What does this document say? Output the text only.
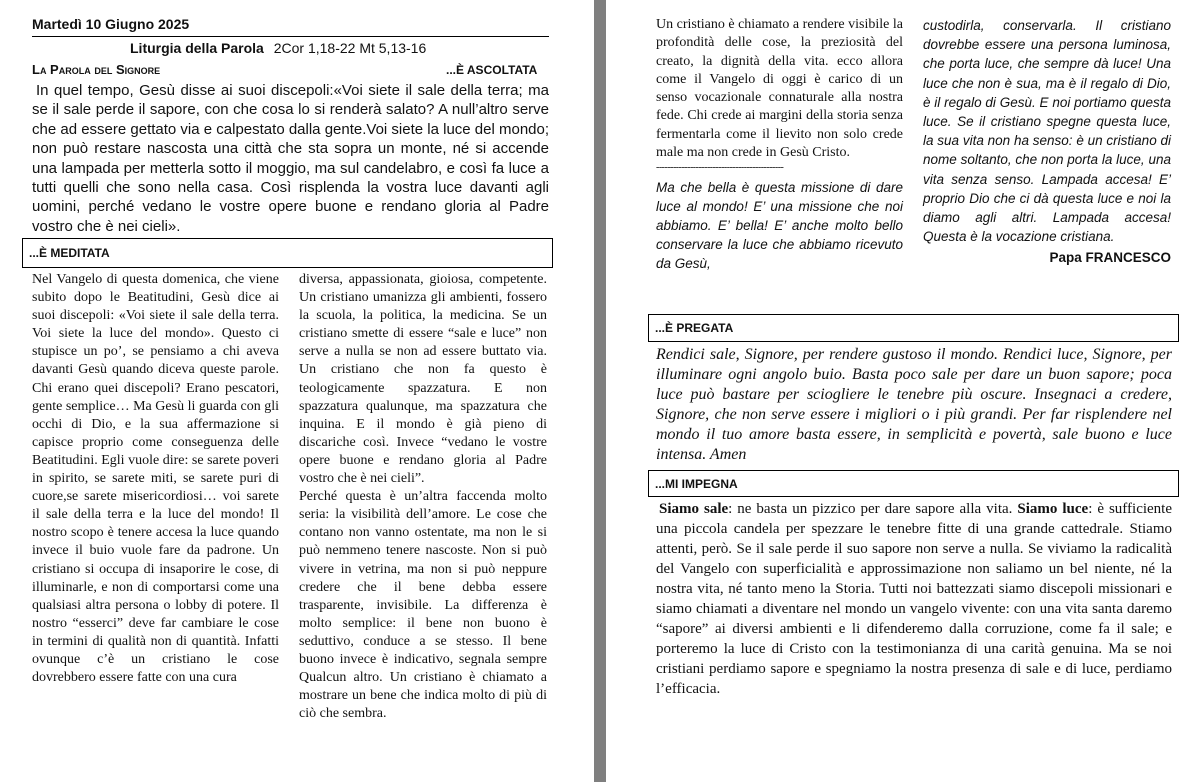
Martedì 10 Giugno 2025
Liturgia della Parola 2Cor 1,18-22 Mt 5,13-16
La Parola del Signore	...È ASCOLTATA
In quel tempo, Gesù disse ai suoi discepoli:«Voi siete il sale della terra; ma se il sale perde il sapore, con che cosa lo si renderà salato? A null’altro serve che ad essere gettato via e calpestato dalla gente.Voi siete la luce del mondo; non può restare nascosta una città che sta sopra un monte, né si accende una lampada per metterla sotto il moggio, ma sul candelabro, e così fa luce a tutti quelli che sono nella casa. Così risplenda la vostra luce davanti agli uomini, perché vedano le vostre opere buone e rendano gloria al Padre vostro che è nei cieli».
...È MEDITATA
Nel Vangelo di questa domenica, che viene subito dopo le Beatitudini, Gesù dice ai suoi discepoli: «Voi siete il sale della terra. Voi siete la luce del mondo». Questo ci stupisce un po’, se pensiamo a chi aveva davanti Gesù quando diceva queste parole. Chi erano quei discepoli? Erano pescatori, gente semplice… Ma Gesù li guarda con gli occhi di Dio, e la sua affermazione si capisce proprio come conseguenza delle Beatitudini. Egli vuole dire: se sarete poveri in spirito, se sarete miti, se sarete puri di cuore,se sarete misericordiosi… voi sarete il sale della terra e la luce del mondo! Il nostro scopo è tenere accesa la luce quando invece il buio vuole fare da padrone. Un cristiano si occupa di insaporire le cose, di illuminarle, e non di comportarsi come una qualsiasi altra persona o lobby di potere. Il nostro “esserci” deve far cambiare le cose in termini di qualità non di quantità. Infatti ovunque c’è un cristiano le cose dovrebbero essere fatte con una cura
diversa, appassionata, gioiosa, competente. Un cristiano umanizza gli ambienti, fossero la scuola, la politica, la medicina. Se un cristiano smette di essere “sale e luce” non serve a nulla se non ad essere buttato via. Un cristiano che non fa questo è teologicamente spazzatura. E non spazzatura qualunque, ma spazzatura che inquina. E il mondo è già pieno di discariche così. Invece “vedano le vostre opere buone e rendano gloria al Padre vostro che è nei cieli”.
Perché questa è un’altra faccenda molto seria: la visibilità dell’amore. Le cose che contano non vanno ostentate, ma non le si può nemmeno tenere nascoste. Non si può vivere in vetrina, ma non si può neppure credere che il bene debba essere trasparente, invisibile. La differenza è molto semplice: il bene non buono è seduttivo, conduce a se stesso. Il bene buono invece è indicativo, segnala sempre Qualcun altro. Un cristiano è chiamato a mostrare un bene che indica molto di più di ciò che sembra.
Un cristiano è chiamato a rendere visibile la profondità delle cose, la preziosità del creato, la dignità della vita. ecco allora come il Vangelo di oggi è carico di un senso vocazionale connaturale alla nostra fede. Chi crede ai margini della storia senza fermentarla come il lievito non solo crede male ma non crede in Gesù Cristo.
---------------------------------------------
Ma che bella è questa missione di dare luce al mondo! E’ una missione che noi abbiamo. E’ bella! E’ anche molto bello conservare la luce che abbiamo ricevuto da Gesù,
custodirla, conservarla. Il cristiano dovrebbe essere una persona luminosa, che porta luce, che sempre dà luce! Una luce che non è sua, ma è il regalo di Dio, è il regalo di Gesù. E noi portiamo questa luce. Se il cristiano spegne questa luce, la sua vita non ha senso: è un cristiano di nome soltanto, che non porta la luce, una vita senza senso. Lampada accesa! E’ proprio Dio che ci dà questa luce e noi la diamo agli altri. Lampada accesa! Questa è la vocazione cristiana.
Papa FRANCESCO
...È PREGATA
Rendici sale, Signore, per rendere gustoso il mondo. Rendici luce, Signore, per illuminare ogni angolo buio. Basta poco sale per dare un buon sapore; poca luce può bastare per sciogliere le tenebre più oscure. Insegnaci a credere, Signore, che non serve essere i migliori o i più grandi. Per far risplendere nel mondo il tuo amore basta essere, in semplicità e povertà, sale buono e luce intensa. Amen
...MI IMPEGNA
Siamo sale: ne basta un pizzico per dare sapore alla vita. Siamo luce: è sufficiente una piccola candela per spezzare le tenebre fitte di una grande cattedrale. Stiamo attenti, però. Se il sale perde il suo sapore non serve a nulla. Se viviamo la radicalità del Vangelo con superficialità e approssimazione non saliamo un bel niente, né la nostra vita, né tanto meno la Storia. Tutti noi battezzati siamo discepoli missionari e siamo chiamati a diventare nel mondo un vangelo vivente: con una vita santa daremo “sapore” ai diversi ambienti e li difenderemo dalla corruzione, come fa il sale; e porteremo la luce di Cristo con la testimonianza di una carità genuina. Ma se noi cristiani perdiamo sapore e spegniamo la nostra presenza di sale e di luce, perdiamo l’efficacia.
